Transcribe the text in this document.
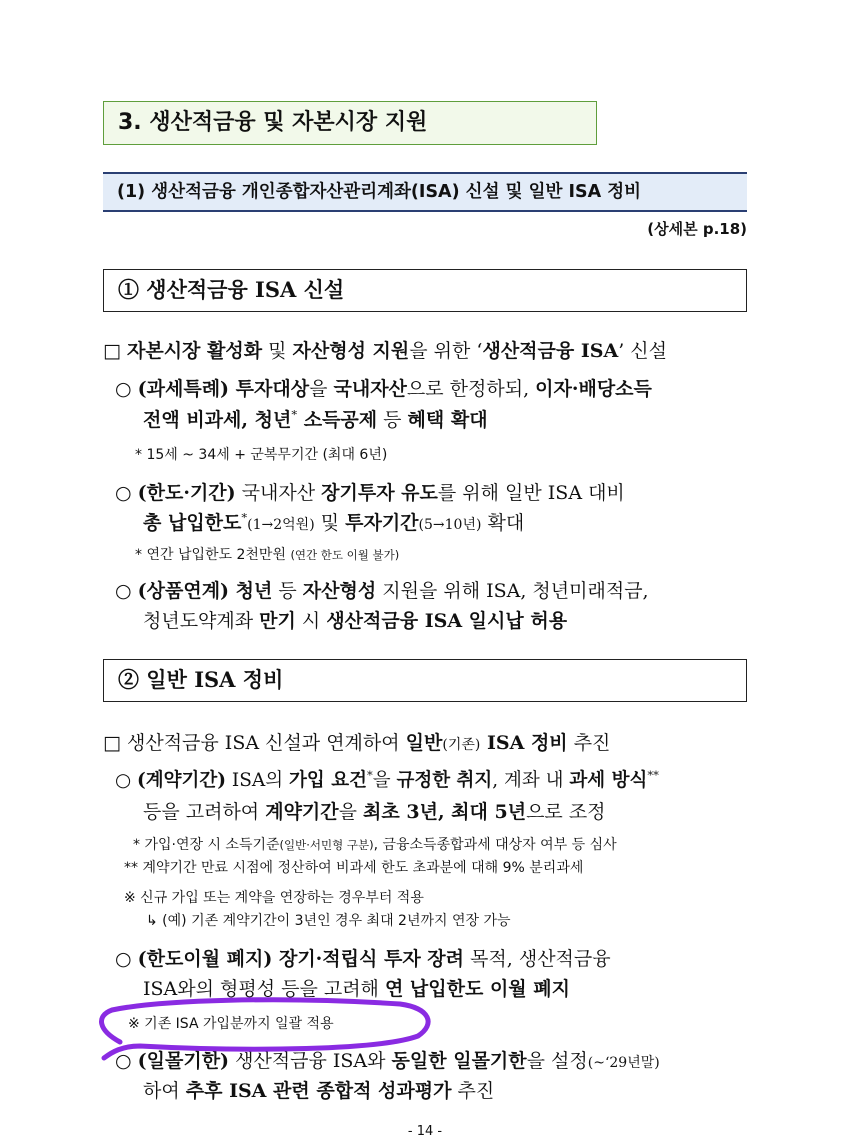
3. 생산적금융 및 자본시장 지원
(1) 생산적금융 개인종합자산관리계좌(ISA) 신설 및 일반 ISA 정비
(상세본 p.18)
① 생산적금융 ISA 신설
□ 자본시장 활성화 및 자산형성 지원을 위한 ‘생산적금융 ISA’ 신설
○ (과세특례) 투자대상을 국내자산으로 한정하되, 이자·배당소득
전액 비과세, 청년* 소득공제 등 혜택 확대
* 15세 ~ 34세 + 군복무기간 (최대 6년)
○ (한도·기간) 국내자산 장기투자 유도를 위해 일반 ISA 대비
총 납입한도*(1→2억원) 및 투자기간(5→10년) 확대
* 연간 납입한도 2천만원 (연간 한도 이월 불가)
○ (상품연계) 청년 등 자산형성 지원을 위해 ISA, 청년미래적금,
청년도약계좌 만기 시 생산적금융 ISA 일시납 허용
② 일반 ISA 정비
□ 생산적금융 ISA 신설과 연계하여 일반(기존) ISA 정비 추진
○ (계약기간) ISA의 가입 요건*을 규정한 취지, 계좌 내 과세 방식**
등을 고려하여 계약기간을 최초 3년, 최대 5년으로 조정
* 가입·연장 시 소득기준(일반·서민형 구분), 금융소득종합과세 대상자 여부 등 심사
** 계약기간 만료 시점에 정산하여 비과세 한도 초과분에 대해 9% 분리과세
※ 신규 가입 또는 계약을 연장하는 경우부터 적용
↳ (예) 기존 계약기간이 3년인 경우 최대 2년까지 연장 가능
○ (한도이월 폐지) 장기·적립식 투자 장려 목적, 생산적금융
ISA와의 형평성 등을 고려해 연 납입한도 이월 폐지
※ 기존 ISA 가입분까지 일괄 적용
○ (일몰기한) 생산적금융 ISA와 동일한 일몰기한을 설정(~‘29년말)
하여 추후 ISA 관련 종합적 성과평가 추진
- 14 -
